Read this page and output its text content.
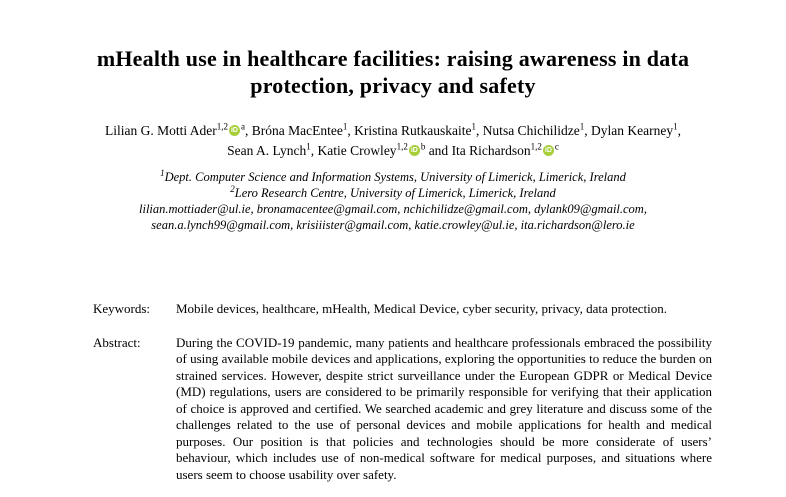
mHealth use in healthcare facilities: raising awareness in data
protection, privacy and safety
Lilian G. Motti Ader$^{1,2}$ iD $^a$, Bróna MacEntee$^1$, Kristina Rutkauskaite$^1$, Nutsa Chichilidze$^1$, Dylan Kearney$^1$, Sean A. Lynch$^1$, Katie Crowley$^{1,2}$ iD $^b$ and Ita Richardson$^{1,2}$ iD $^c$
$^1$Dept. Computer Science and Information Systems, University of Limerick, Limerick, Ireland
$^2$Lero Research Centre, University of Limerick, Limerick, Ireland
lilian.mottiader@ul.ie, bronamacentee@gmail.com, nchichilidze@gmail.com, dylank09@gmail.com,
sean.a.lynch99@gmail.com, krisiiister@gmail.com, katie.crowley@ul.ie, ita.richardson@lero.ie
Keywords:	Mobile devices, healthcare, mHealth, Medical Device, cyber security, privacy, data protection.
Abstract:	During the COVID-19 pandemic, many patients and healthcare professionals embraced the possibility of using available mobile devices and applications, exploring the opportunities to reduce the burden on strained services. However, despite strict surveillance under the European GDPR or Medical Device (MD) regulations, users are considered to be primarily responsible for verifying that their application of choice is approved and certified. We searched academic and grey literature and discuss some of the challenges related to the use of personal devices and mobile applications for health and medical purposes. Our position is that policies and technologies should be more considerate of users’ behaviour, which includes use of non-medical software for medical purposes, and situations where users seem to choose usability over safety.
